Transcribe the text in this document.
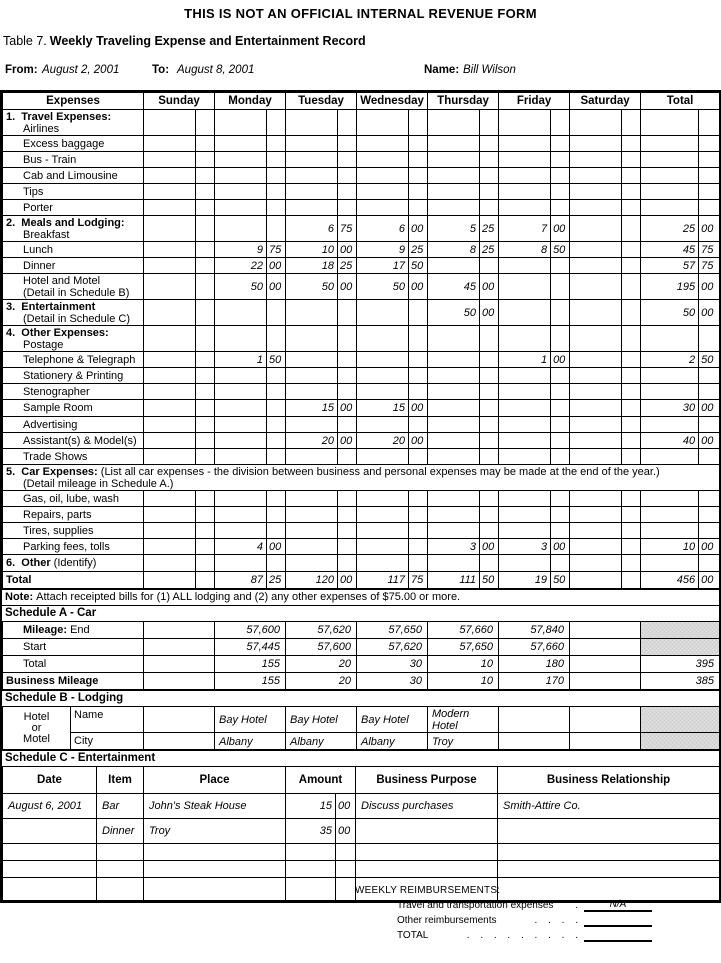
THIS IS NOT AN OFFICIAL INTERNAL REVENUE FORM
Table 7. Weekly Traveling Expense and Entertainment Record
From: August 2, 2001	To: August 8, 2001	Name: Bill Wilson
Expenses	Sunday		Monday		Tuesday		Wednesday		Thursday		Friday		Saturday		Total	
1.  Travel Expenses:
Airlines																

Excess baggage																
Bus - Train																
Cab and Limousine																
Tips																
Porter																
2.  Meals and Lodging:
Breakfast					6	75	6	00	5	25	7	00			25	00
Lunch			9	75	10	00	9	25	8	25	8	50			45	75
Dinner			22	00	18	25	17	50							57	75
Hotel and Motel
(Detail in Schedule B)			50	00	50	00	50	00	45	00					195	00
3.  Entertainment
(Detail in Schedule C)									50	00					50	00
4.  Other Expenses:
Postage																

Telephone & Telegraph			1	50							1	00			2	50
Stationery & Printing																
Stenographer																
Sample Room					15	00	15	00							30	00
Advertising																
Assistant(s) & Model(s)					20	00	20	00							40	00
Trade Shows																
5.  Car Expenses: (List all car expenses - the division between business and personal expenses may be made at the end of the year.)
(Detail mileage in Schedule A.)																

Gas, oil, lube, wash																
Repairs, parts																
Tires, supplies																
Parking fees, tolls			4	00					3	00	3	00			10	00
6.  Other (Identify)																
Total			87	25	120	00	117	75	111	50	19	50			456	00
Note: Attach receipted bills for (1) ALL lodging and (2) any other expenses of $75.00 or more.
Schedule A - Car
Mileage: End		57,600	57,620	57,650	57,660	57,840		
Start		57,445	57,600	57,620	57,650	57,660		
Total		155	20	30	10	180		395
Business Mileage		155	20	30	10	170		385
Schedule B - Lodging
Hotel
or
Motel	Name		Bay Hotel	Bay Hotel	Bay Hotel	Modern Hotel			
	City		Albany	Albany	Albany	Troy			
Schedule C - Entertainment
Date	Item	Place	Amount		Business Purpose	Business Relationship
August 6, 2001	Bar	John's Steak House	15	00	Discuss purchases	Smith-Attire Co.
	Dinner	Troy	35	00		

WEEKLY REIMBURSEMENTS:
Travel and transportation expenses	.	N/A
Other reimbursements	. . . .
TOTAL	. . . . . . . . .
